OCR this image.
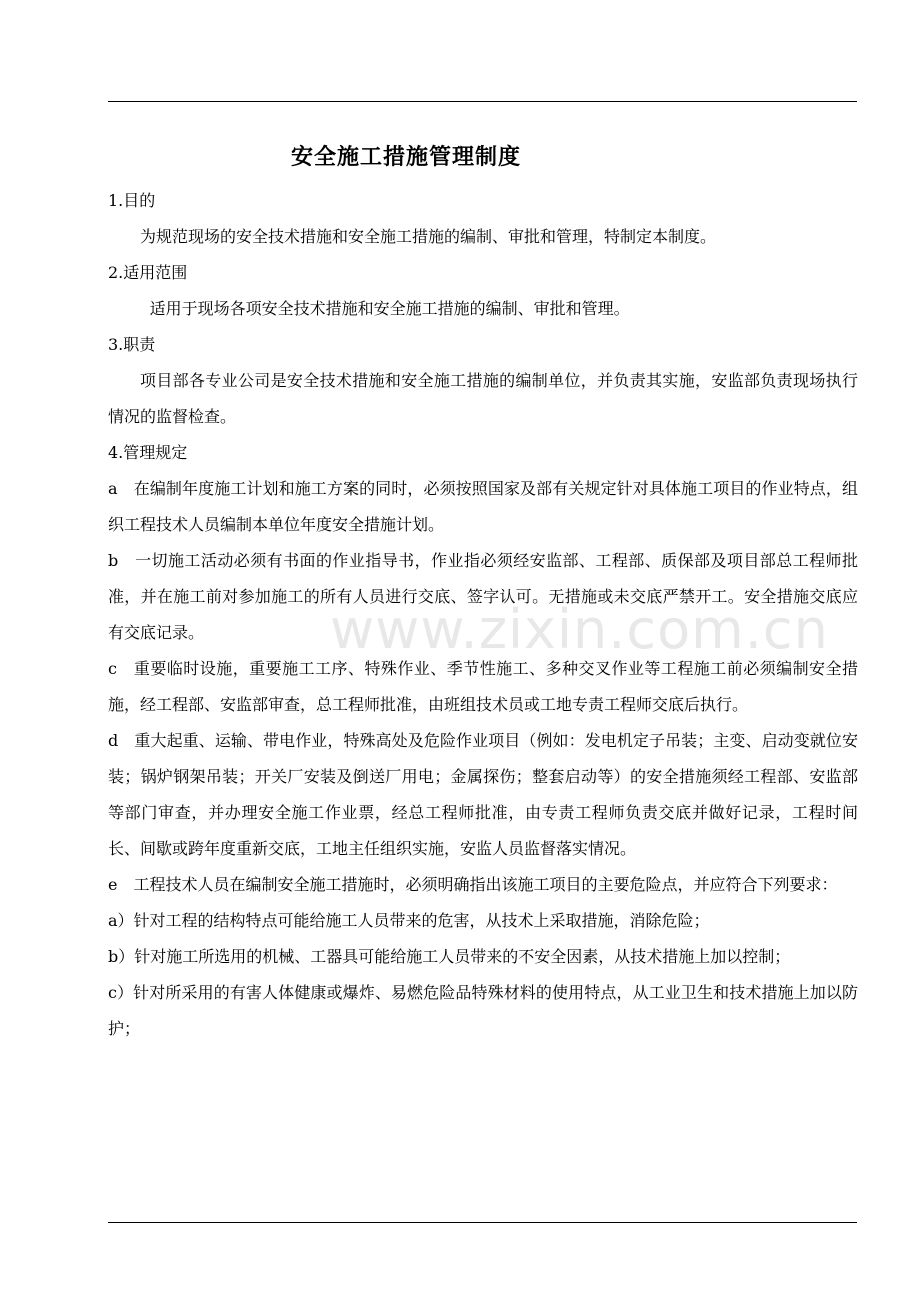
安全施工措施管理制度

1.目的

为规范现场的安全技术措施和安全施工措施的编制、审批和管理，特制定本制度。

2.适用范围

适用于现场各项安全技术措施和安全施工措施的编制、审批和管理。

3.职责

项目部各专业公司是安全技术措施和安全施工措施的编制单位，并负责其实施，安监部负责现场执行情况的监督检查。

4.管理规定

a　在编制年度施工计划和施工方案的同时，必须按照国家及部有关规定针对具体施工项目的作业特点，组织工程技术人员编制本单位年度安全措施计划。

b　一切施工活动必须有书面的作业指导书，作业指必须经安监部、工程部、质保部及项目部总工程师批准，并在施工前对参加施工的所有人员进行交底、签字认可。无措施或未交底严禁开工。安全措施交底应有交底记录。

c　重要临时设施，重要施工工序、特殊作业、季节性施工、多种交叉作业等工程施工前必须编制安全措施，经工程部、安监部审查，总工程师批准，由班组技术员或工地专责工程师交底后执行。

d　重大起重、运输、带电作业，特殊高处及危险作业项目（例如：发电机定子吊装；主变、启动变就位安装；锅炉钢架吊装；开关厂安装及倒送厂用电；金属探伤；整套启动等）的安全措施须经工程部、安监部等部门审查，并办理安全施工作业票，经总工程师批准，由专责工程师负责交底并做好记录，工程时间长、间歇或跨年度重新交底，工地主任组织实施，安监人员监督落实情况。

e　工程技术人员在编制安全施工措施时，必须明确指出该施工项目的主要危险点，并应符合下列要求：

a）针对工程的结构特点可能给施工人员带来的危害，从技术上采取措施，消除危险；

b）针对施工所选用的机械、工器具可能给施工人员带来的不安全因素，从技术措施上加以控制；

c）针对所采用的有害人体健康或爆炸、易燃危险品特殊材料的使用特点，从工业卫生和技术措施上加以防护；

www.zixin.com.cn
